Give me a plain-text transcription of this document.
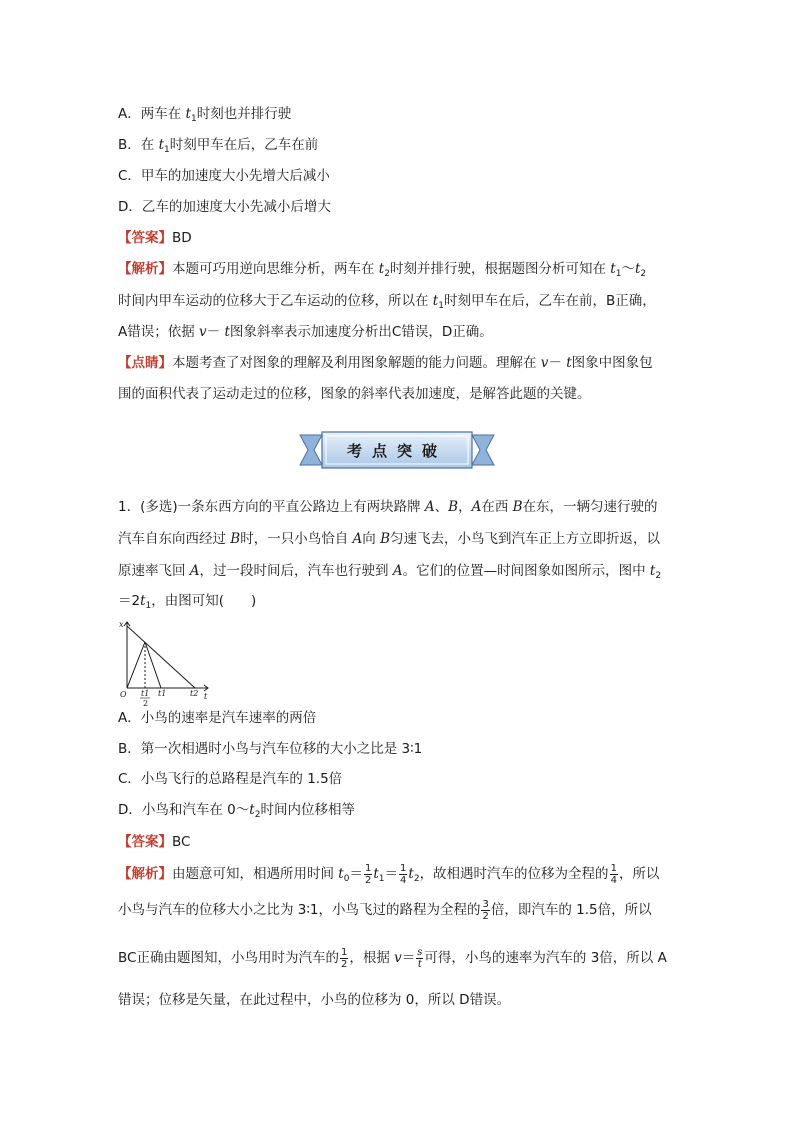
A．两车在 $t_1$时刻也并排行驶
B．在 $t_1$时刻甲车在后，乙车在前
C．甲车的加速度大小先增大后减小
D．乙车的加速度大小先减小后增大
【答案】BD
【解析】本题可巧用逆向思维分析，两车在 $t_2$时刻并排行驶，根据题图分析可知在 $t_1\sim t_2$
时间内甲车运动的位移大于乙车运动的位移，所以在 $t_1$时刻甲车在后，乙车在前，B正确，
A错误；依据 v－ t图象斜率表示加速度分析出C错误，D正确。
【点睛】本题考查了对图象的理解及利用图象解题的能力问题。理解在 v－ t图象中图象包
围的面积代表了运动走过的位移，图象的斜率代表加速度，是解答此题的关键。
考点突破
1．(多选)一条东西方向的平直公路边上有两块路牌 A、B，A在西 B在东，一辆匀速行驶的
汽车自东向西经过 B时，一只小鸟恰自 A向 B匀速飞去，小鸟飞到汽车正上方立即折返，以
原速率飞回 A，过一段时间后，汽车也行驶到 A。它们的位置—时间图象如图所示，图中 $t_2$
$=2t_1$，由图可知(　　)
x
t
O t1
2
t1	t2
A．小鸟的速率是汽车速率的两倍
B．第一次相遇时小鸟与汽车位移的大小之比是 3∶1
C．小鸟飞行的总路程是汽车的 1.5倍
D．小鸟和汽车在 $0\sim t_2$时间内位移相等
【答案】BC
【解析】由题意可知，相遇所用时间 $t_0= \frac{1}{2} t_1= \frac{1}{4} t_2$，故相遇时汽车的位移为全程的 $\frac{1}{4}$ ，所以
小鸟与汽车的位移大小之比为 3∶1，小鸟飞过的路程为全程的 $\frac{3}{2}$ 倍，即汽车的 1.5倍，所以
BC正确由题图知，小鸟用时为汽车的 $\frac{1}{2}$ ，根据 $v= \frac{s}{t}$ 可得，小鸟的速率为汽车的 3倍，所以 A
错误；位移是矢量，在此过程中，小鸟的位移为 0，所以 D错误。
